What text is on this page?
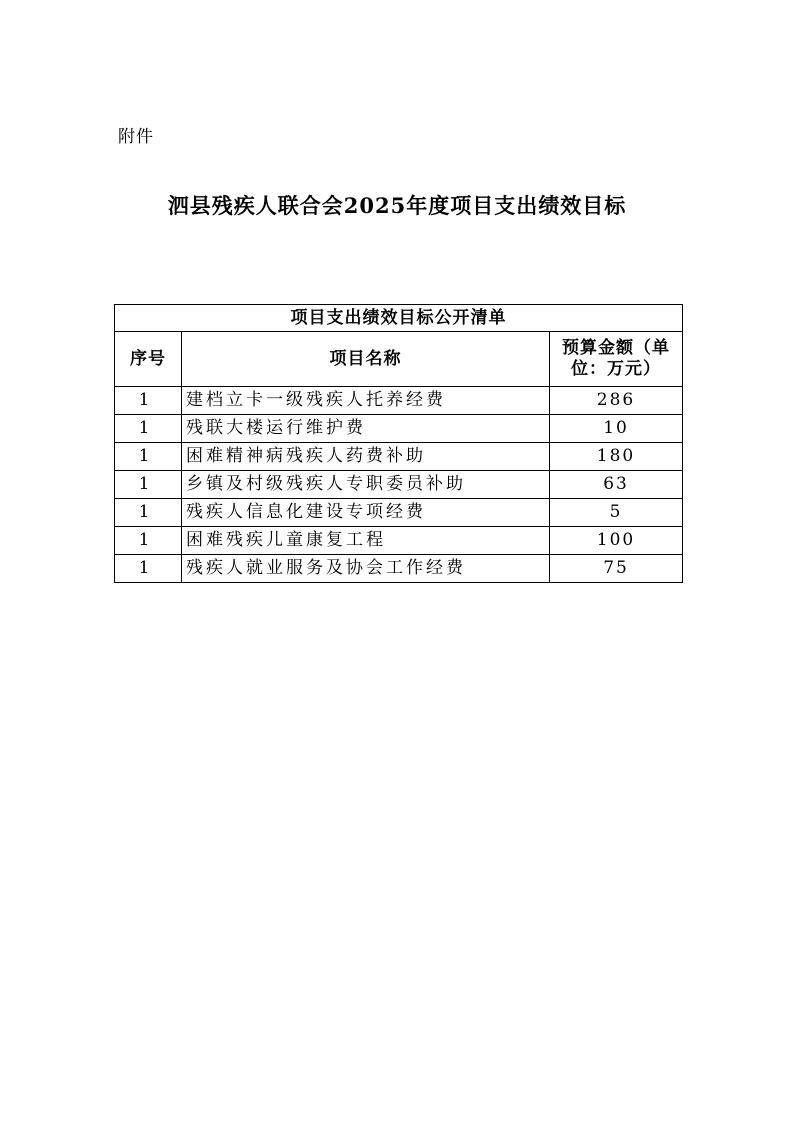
附件
泗县残疾人联合会2025年度项目支出绩效目标
项目支出绩效目标公开清单		
序号	项目名称	预算金额（单位：万元）
1	建档立卡一级残疾人托养经费	286
1	残联大楼运行维护费	10
1	困难精神病残疾人药费补助	180
1	乡镇及村级残疾人专职委员补助	63
1	残疾人信息化建设专项经费	5
1	困难残疾儿童康复工程	100
1	残疾人就业服务及协会工作经费	75
